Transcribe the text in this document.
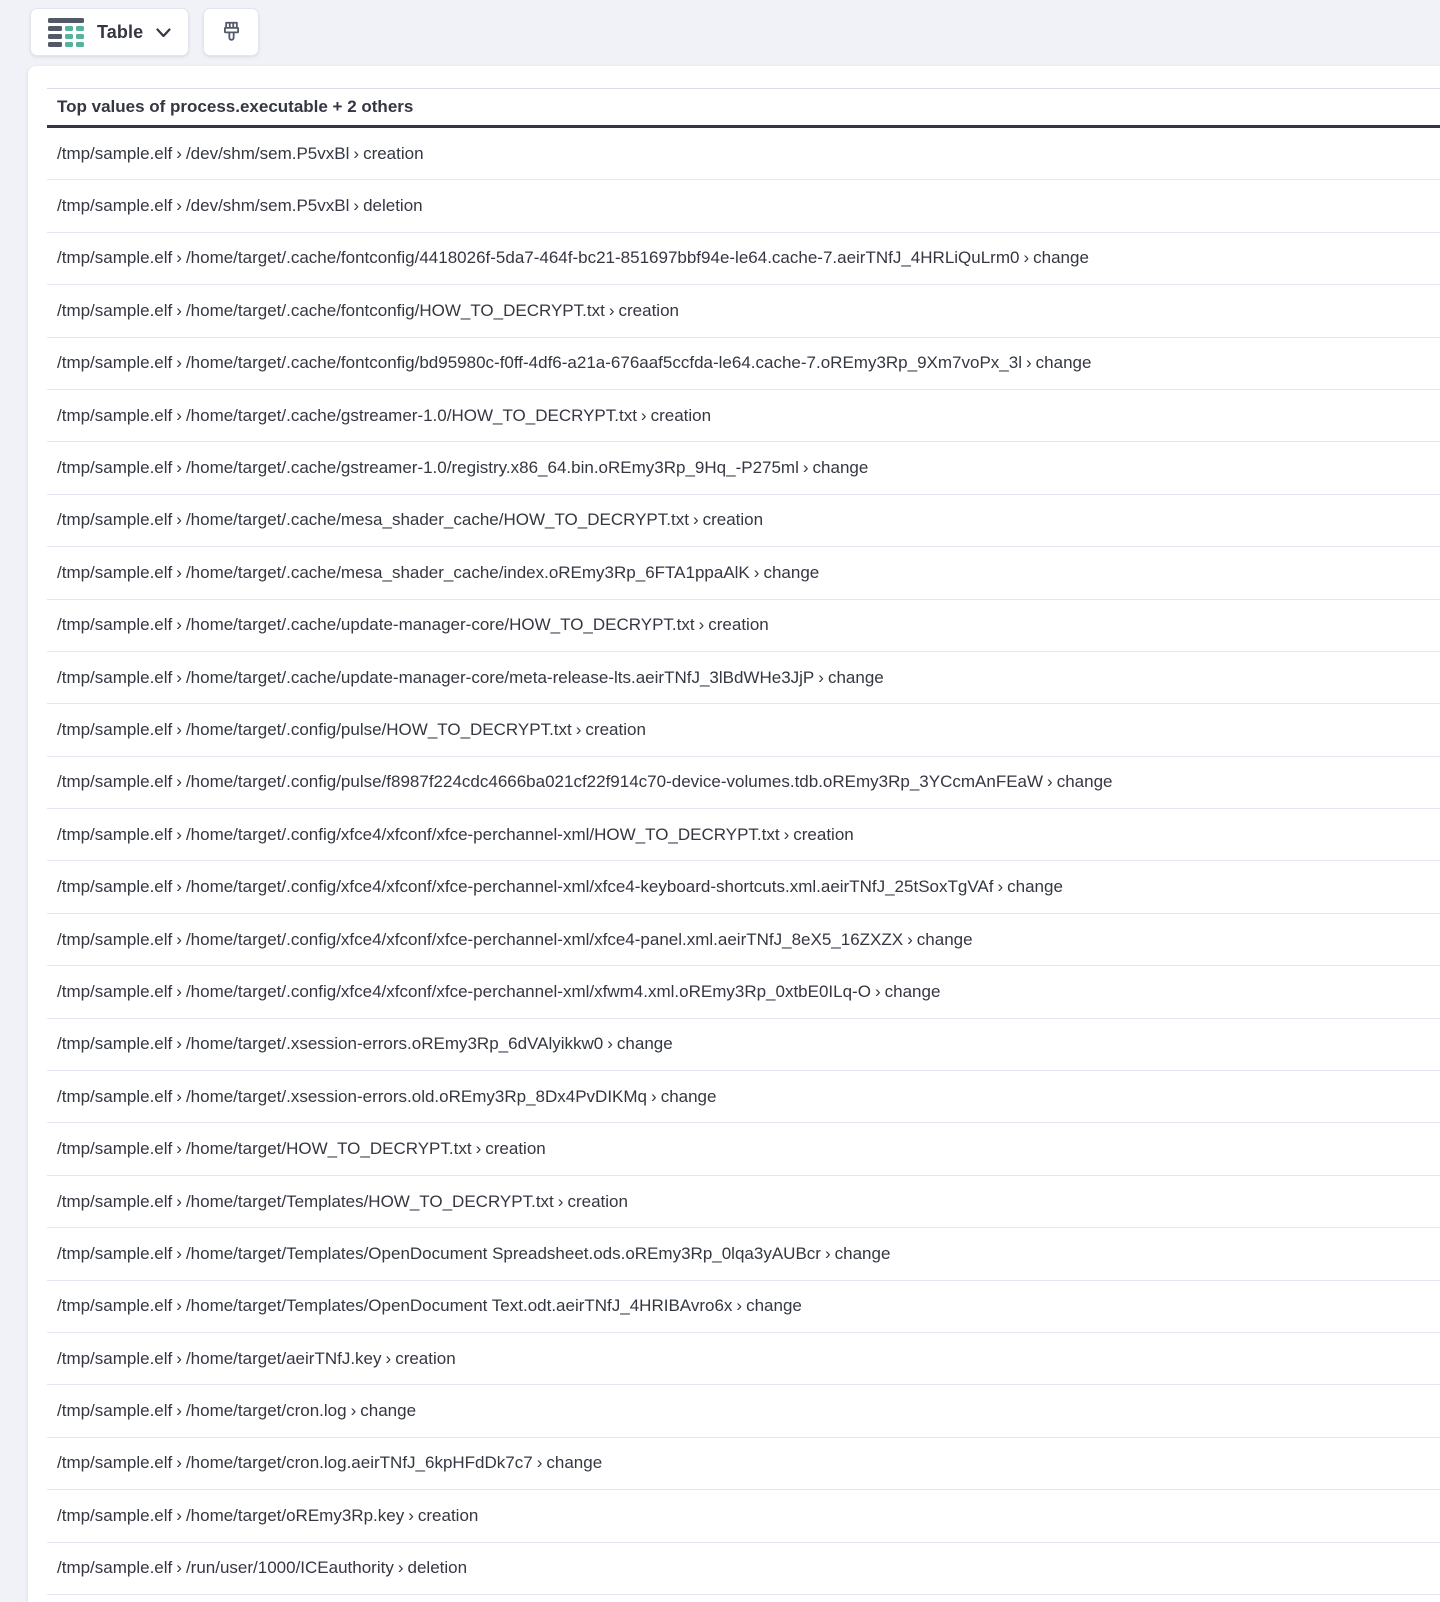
Table
Top values of process.executable + 2 others
/tmp/sample.elf › /dev/shm/sem.P5vxBl › creation
/tmp/sample.elf › /dev/shm/sem.P5vxBl › deletion
/tmp/sample.elf › /home/target/.cache/fontconfig/4418026f-5da7-464f-bc21-851697bbf94e-le64.cache-7.aeirTNfJ_4HRLiQuLrm0 › change
/tmp/sample.elf › /home/target/.cache/fontconfig/HOW_TO_DECRYPT.txt › creation
/tmp/sample.elf › /home/target/.cache/fontconfig/bd95980c-f0ff-4df6-a21a-676aaf5ccfda-le64.cache-7.oREmy3Rp_9Xm7voPx_3l › change
/tmp/sample.elf › /home/target/.cache/gstreamer-1.0/HOW_TO_DECRYPT.txt › creation
/tmp/sample.elf › /home/target/.cache/gstreamer-1.0/registry.x86_64.bin.oREmy3Rp_9Hq_-P275ml › change
/tmp/sample.elf › /home/target/.cache/mesa_shader_cache/HOW_TO_DECRYPT.txt › creation
/tmp/sample.elf › /home/target/.cache/mesa_shader_cache/index.oREmy3Rp_6FTA1ppaAlK › change
/tmp/sample.elf › /home/target/.cache/update-manager-core/HOW_TO_DECRYPT.txt › creation
/tmp/sample.elf › /home/target/.cache/update-manager-core/meta-release-lts.aeirTNfJ_3lBdWHe3JjP › change
/tmp/sample.elf › /home/target/.config/pulse/HOW_TO_DECRYPT.txt › creation
/tmp/sample.elf › /home/target/.config/pulse/f8987f224cdc4666ba021cf22f914c70-device-volumes.tdb.oREmy3Rp_3YCcmAnFEaW › change
/tmp/sample.elf › /home/target/.config/xfce4/xfconf/xfce-perchannel-xml/HOW_TO_DECRYPT.txt › creation
/tmp/sample.elf › /home/target/.config/xfce4/xfconf/xfce-perchannel-xml/xfce4-keyboard-shortcuts.xml.aeirTNfJ_25tSoxTgVAf › change
/tmp/sample.elf › /home/target/.config/xfce4/xfconf/xfce-perchannel-xml/xfce4-panel.xml.aeirTNfJ_8eX5_16ZXZX › change
/tmp/sample.elf › /home/target/.config/xfce4/xfconf/xfce-perchannel-xml/xfwm4.xml.oREmy3Rp_0xtbE0ILq-O › change
/tmp/sample.elf › /home/target/.xsession-errors.oREmy3Rp_6dVAlyikkw0 › change
/tmp/sample.elf › /home/target/.xsession-errors.old.oREmy3Rp_8Dx4PvDIKMq › change
/tmp/sample.elf › /home/target/HOW_TO_DECRYPT.txt › creation
/tmp/sample.elf › /home/target/Templates/HOW_TO_DECRYPT.txt › creation
/tmp/sample.elf › /home/target/Templates/OpenDocument Spreadsheet.ods.oREmy3Rp_0lqa3yAUBcr › change
/tmp/sample.elf › /home/target/Templates/OpenDocument Text.odt.aeirTNfJ_4HRIBAvro6x › change
/tmp/sample.elf › /home/target/aeirTNfJ.key › creation
/tmp/sample.elf › /home/target/cron.log › change
/tmp/sample.elf › /home/target/cron.log.aeirTNfJ_6kpHFdDk7c7 › change
/tmp/sample.elf › /home/target/oREmy3Rp.key › creation
/tmp/sample.elf › /run/user/1000/ICEauthority › deletion
